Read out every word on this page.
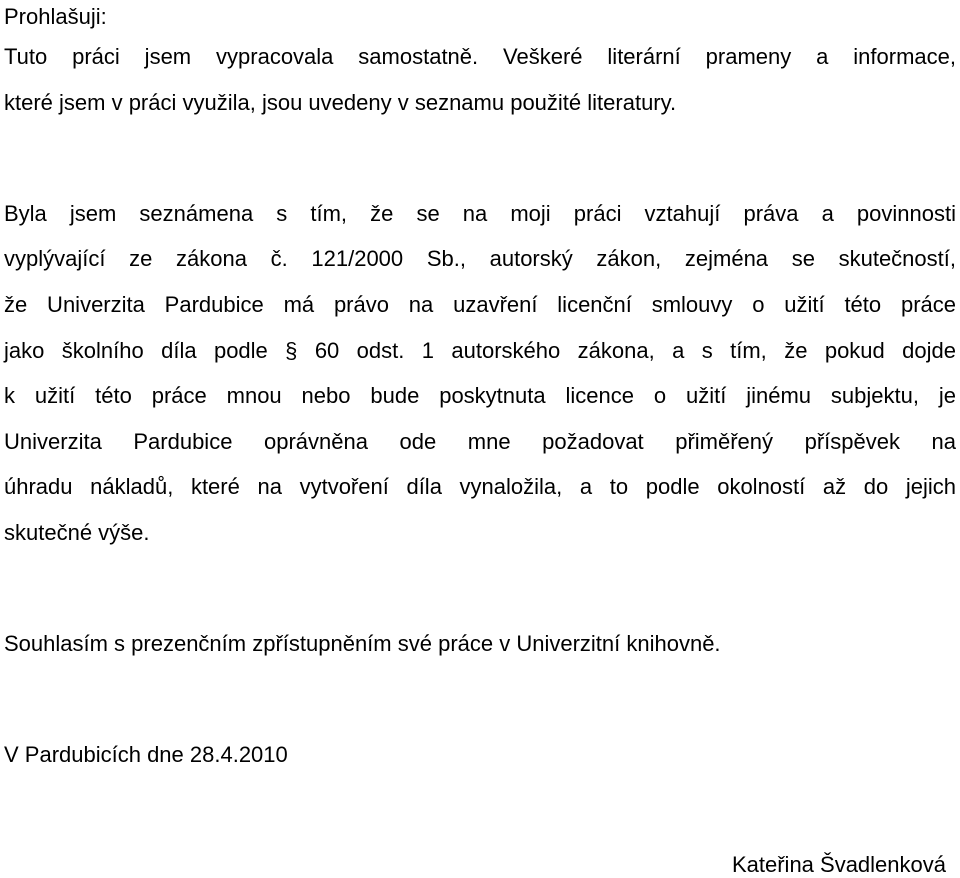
Prohlašuji:
Tuto práci jsem vypracovala samostatně. Veškeré literární prameny a informace,
které jsem v práci využila, jsou uvedeny v seznamu použité literatury.
Byla jsem seznámena s tím, že se na moji práci vztahují práva a povinnosti
vyplývající ze zákona č. 121/2000 Sb., autorský zákon, zejména se skutečností,
že Univerzita Pardubice má právo na uzavření licenční smlouvy o užití této práce
jako školního díla podle § 60 odst. 1 autorského zákona, a s tím, že pokud dojde
k užití této práce mnou nebo bude poskytnuta licence o užití jinému subjektu, je
Univerzita Pardubice oprávněna ode mne požadovat přiměřený příspěvek na
úhradu nákladů, které na vytvoření díla vynaložila, a to podle okolností až do jejich
skutečné výše.
Souhlasím s prezenčním zpřístupněním své práce v Univerzitní knihovně.
V Pardubicích dne 28.4.2010
Kateřina Švadlenková
